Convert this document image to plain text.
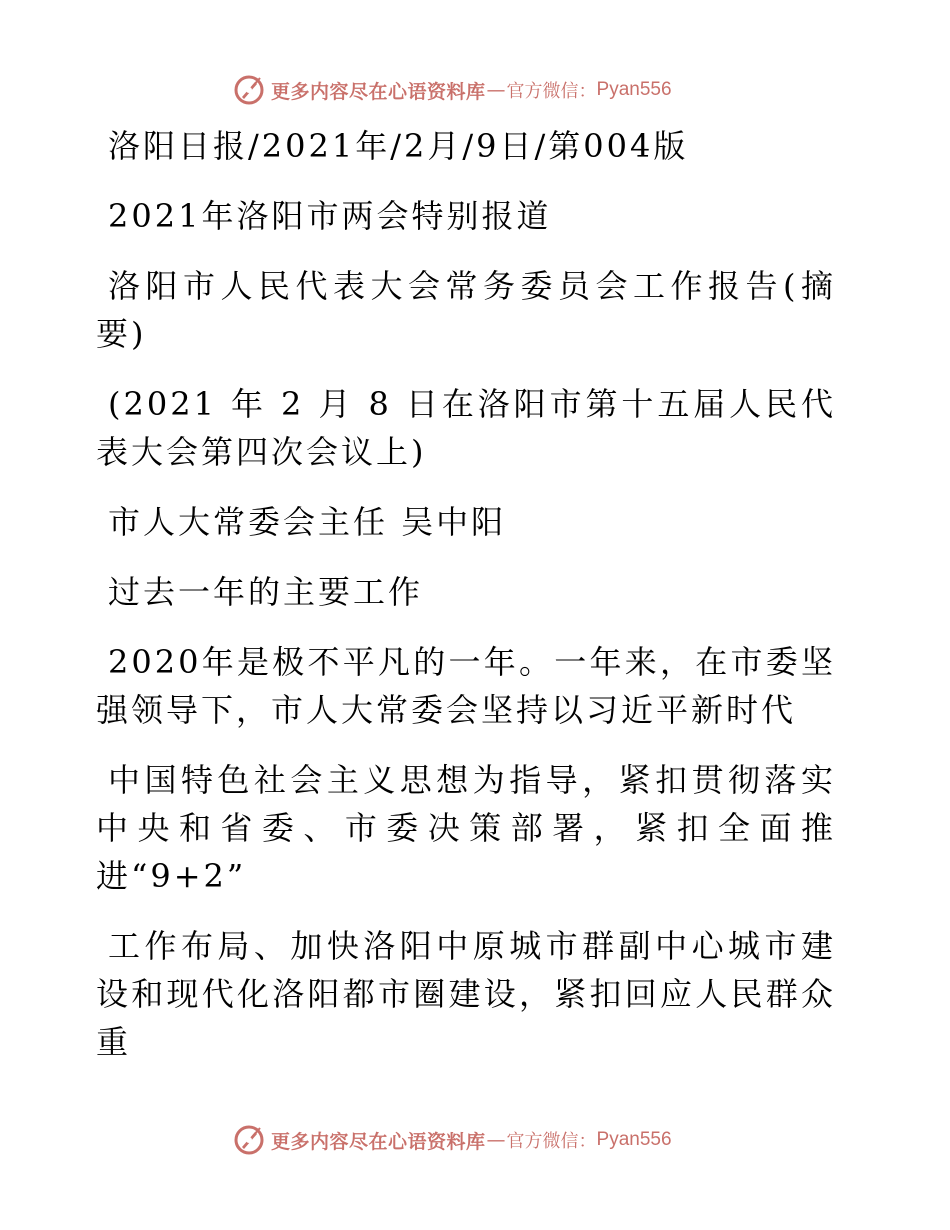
更多内容尽在心语资料库 — 官方微信： Pyan556

洛阳日报/2021年/2月/9日/第004版

2021年洛阳市两会特别报道

洛阳市人民代表大会常务委员会工作报告(摘要)

(2021 年 2 月 8 日在洛阳市第十五届人民代表大会第四次会议上)

市人大常委会主任 吴中阳

过去一年的主要工作

2020年是极不平凡的一年。一年来，在市委坚强领导下，市人大常委会坚持以习近平新时代

中国特色社会主义思想为指导，紧扣贯彻落实中央和省委、市委决策部署，紧扣全面推进“9+2”

工作布局、加快洛阳中原城市群副中心城市建设和现代化洛阳都市圈建设，紧扣回应人民群众重

更多内容尽在心语资料库 — 官方微信： Pyan556
